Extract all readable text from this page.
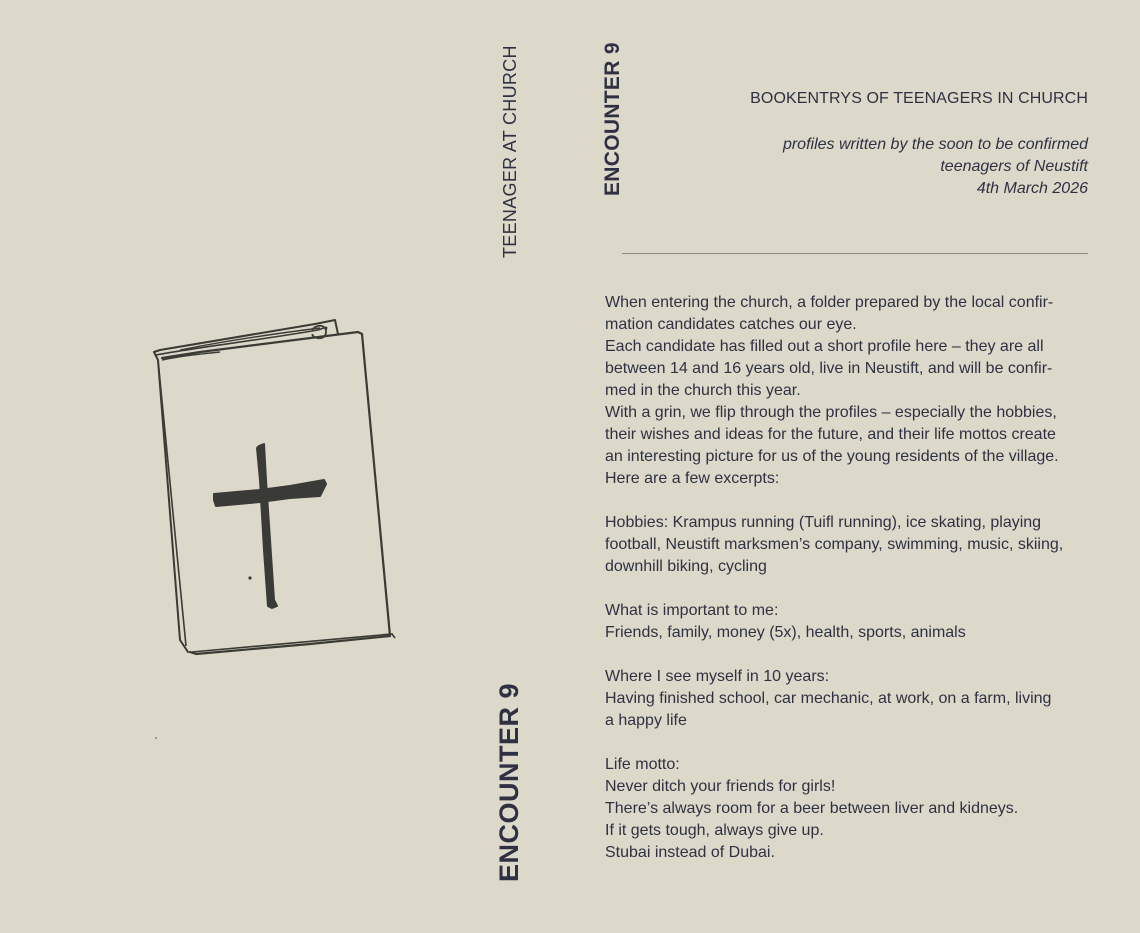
TEENAGER AT CHURCH
ENCOUNTER 9
ENCOUNTER 9	BOOKENTRYS OF TEENAGERS IN CHURCH
profiles written by the soon to be confirmed
teenagers of Neustift
4th March 2026

When entering the church, a folder prepared by the local confir-

mation candidates catches our eye.

Each candidate has filled out a short profile here – they are all

between 14 and 16 years old, live in Neustift, and will be confir-

med in the church this year.

With a grin, we flip through the profiles – especially the hobbies,

their wishes and ideas for the future, and their life mottos create

an interesting picture for us of the young residents of the village.

Here are a few excerpts:

Hobbies: Krampus running (Tuifl running), ice skating, playing

football, Neustift marksmen’s company, swimming, music, skiing,

downhill biking, cycling

What is important to me:

Friends, family, money (5x), health, sports, animals

Where I see myself in 10 years:

Having finished school, car mechanic, at work, on a farm, living

a happy life

Life motto:

Never ditch your friends for girls!

There’s always room for a beer between liver and kidneys.

If it gets tough, always give up.

Stubai instead of Dubai.
